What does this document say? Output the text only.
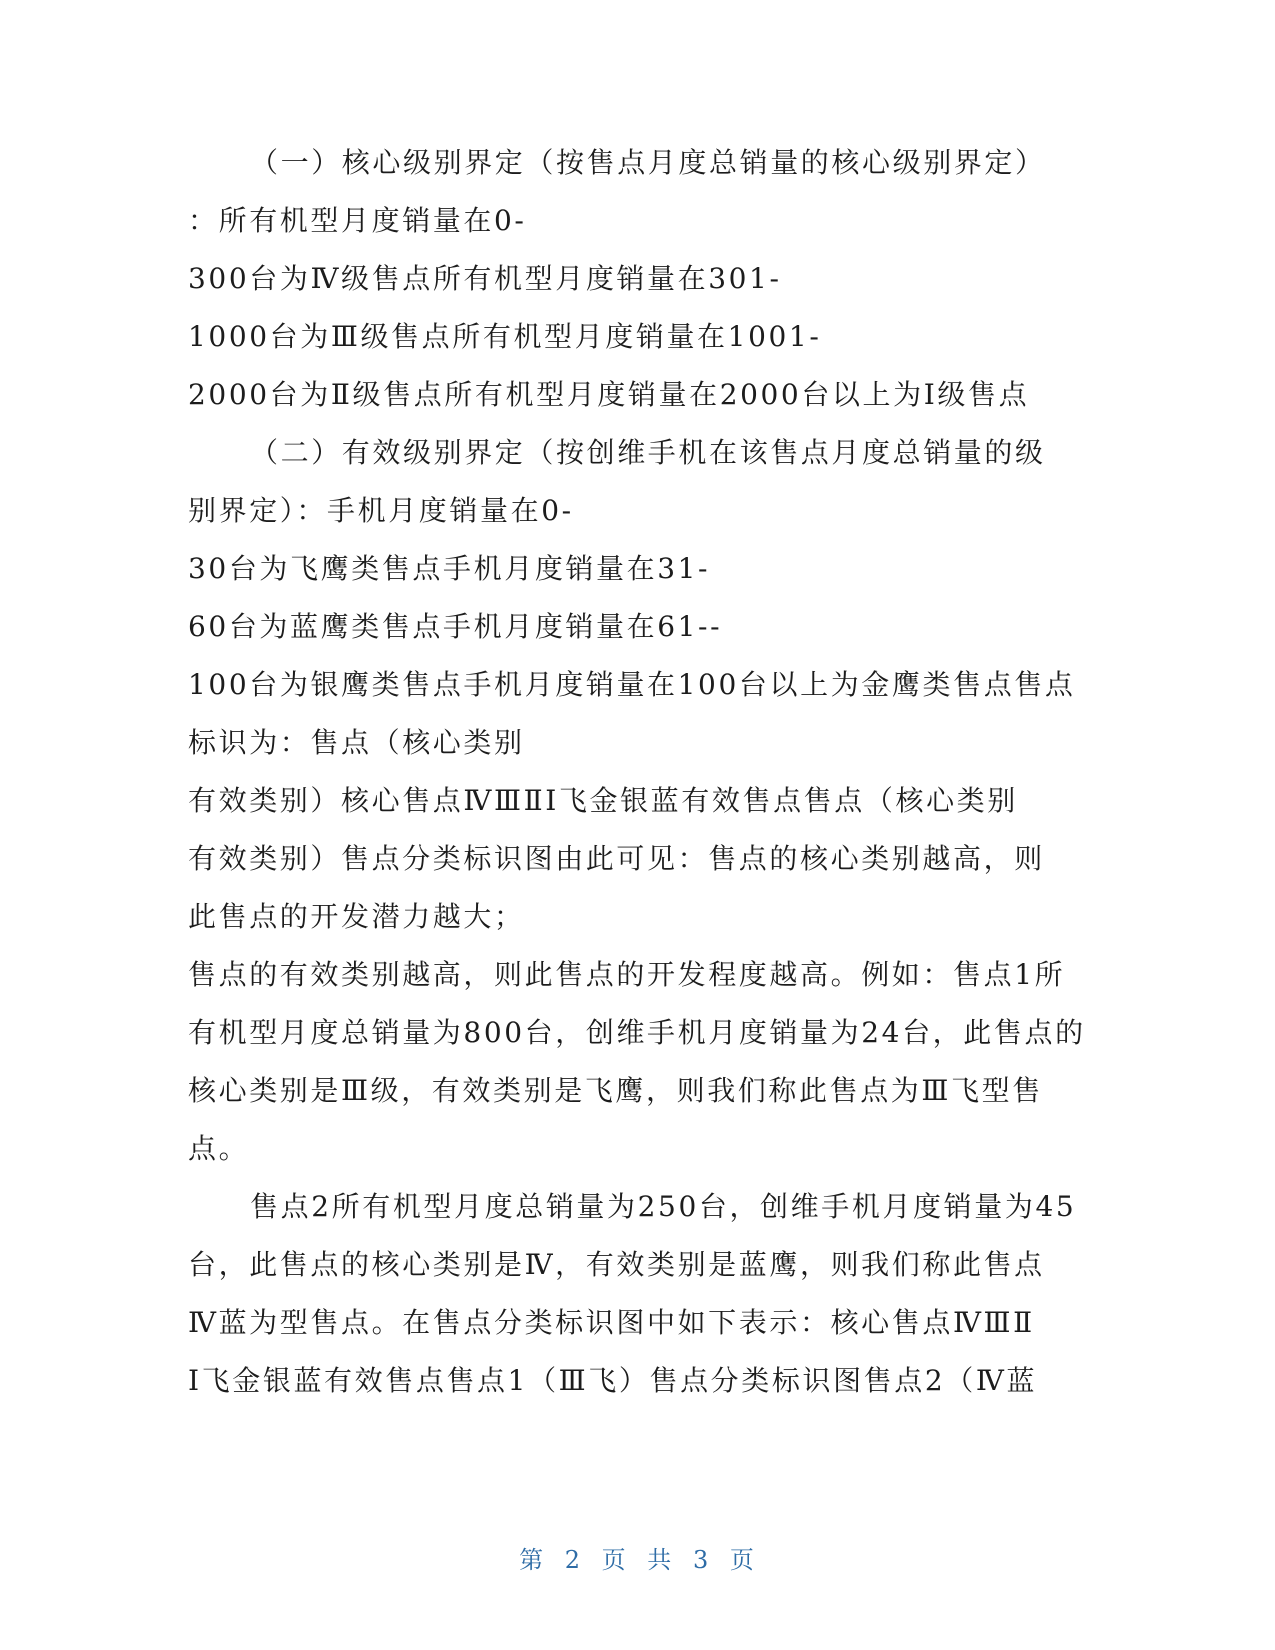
（一）核心级别界定（按售点月度总销量的核心级别界定）
：所有机型月度销量在0-
300台为Ⅳ级售点所有机型月度销量在301-
1000台为Ⅲ级售点所有机型月度销量在1001-
2000台为Ⅱ级售点所有机型月度销量在2000台以上为Ⅰ级售点
（二）有效级别界定（按创维手机在该售点月度总销量的级
别界定）：手机月度销量在0-
30台为飞鹰类售点手机月度销量在31-
60台为蓝鹰类售点手机月度销量在61--
100台为银鹰类售点手机月度销量在100台以上为金鹰类售点售点
标识为：售点（核心类别
有效类别）核心售点ⅣⅢⅡⅠ飞金银蓝有效售点售点（核心类别
有效类别）售点分类标识图由此可见：售点的核心类别越高，则
此售点的开发潜力越大；
售点的有效类别越高，则此售点的开发程度越高。例如：售点1所
有机型月度总销量为800台，创维手机月度销量为24台，此售点的
核心类别是Ⅲ级，有效类别是飞鹰，则我们称此售点为Ⅲ飞型售
点。
售点2所有机型月度总销量为250台，创维手机月度销量为45
台，此售点的核心类别是Ⅳ，有效类别是蓝鹰，则我们称此售点
Ⅳ蓝为型售点。在售点分类标识图中如下表示：核心售点ⅣⅢⅡ
Ⅰ飞金银蓝有效售点售点1（Ⅲ飞）售点分类标识图售点2（Ⅳ蓝
第 2 页 共 3 页
